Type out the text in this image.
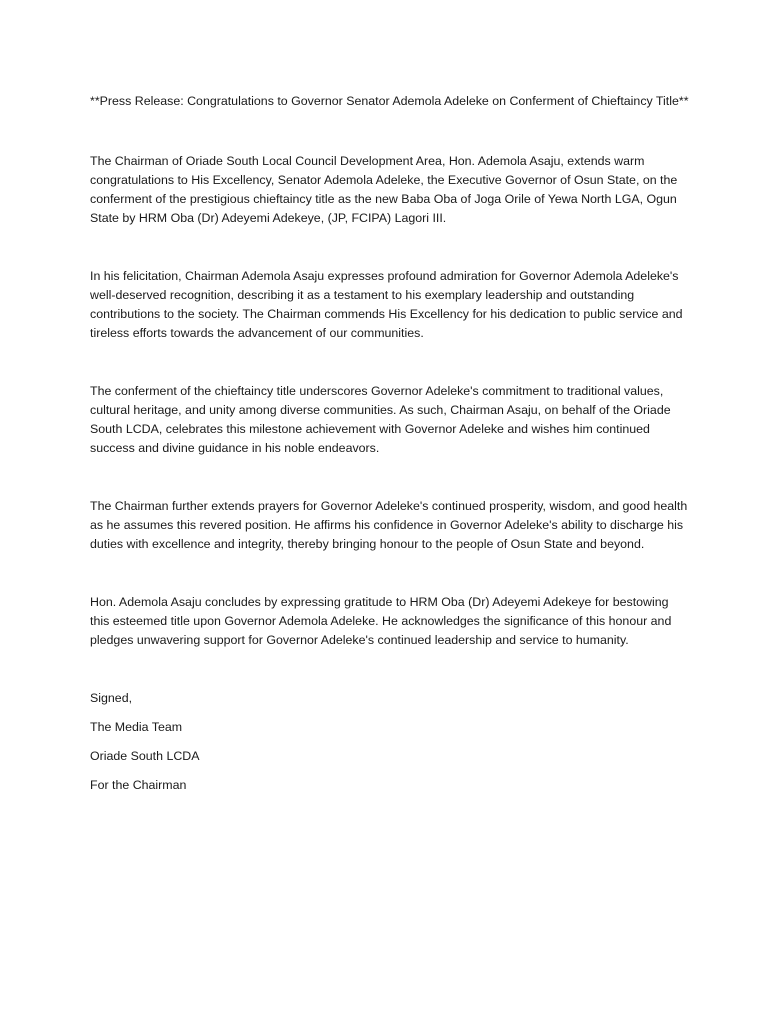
**Press Release: Congratulations to Governor Senator Ademola Adeleke on Conferment of Chieftaincy Title**

The Chairman of Oriade South Local Council Development Area, Hon. Ademola Asaju, extends warm congratulations to His Excellency, Senator Ademola Adeleke, the Executive Governor of Osun State, on the conferment of the prestigious chieftaincy title as the new Baba Oba of Joga Orile of Yewa North LGA, Ogun State by HRM Oba (Dr) Adeyemi Adekeye, (JP, FCIPA) Lagori III.

In his felicitation, Chairman Ademola Asaju expresses profound admiration for Governor Ademola Adeleke's well-deserved recognition, describing it as a testament to his exemplary leadership and outstanding contributions to the society. The Chairman commends His Excellency for his dedication to public service and tireless efforts towards the advancement of our communities.

The conferment of the chieftaincy title underscores Governor Adeleke's commitment to traditional values, cultural heritage, and unity among diverse communities. As such, Chairman Asaju, on behalf of the Oriade South LCDA, celebrates this milestone achievement with Governor Adeleke and wishes him continued success and divine guidance in his noble endeavors.

The Chairman further extends prayers for Governor Adeleke's continued prosperity, wisdom, and good health as he assumes this revered position. He affirms his confidence in Governor Adeleke's ability to discharge his duties with excellence and integrity, thereby bringing honour to the people of Osun State and beyond.

Hon. Ademola Asaju concludes by expressing gratitude to HRM Oba (Dr) Adeyemi Adekeye for bestowing this esteemed title upon Governor Ademola Adeleke. He acknowledges the significance of this honour and pledges unwavering support for Governor Adeleke's continued leadership and service to humanity.

Signed,

The Media Team

Oriade South LCDA

For the Chairman
